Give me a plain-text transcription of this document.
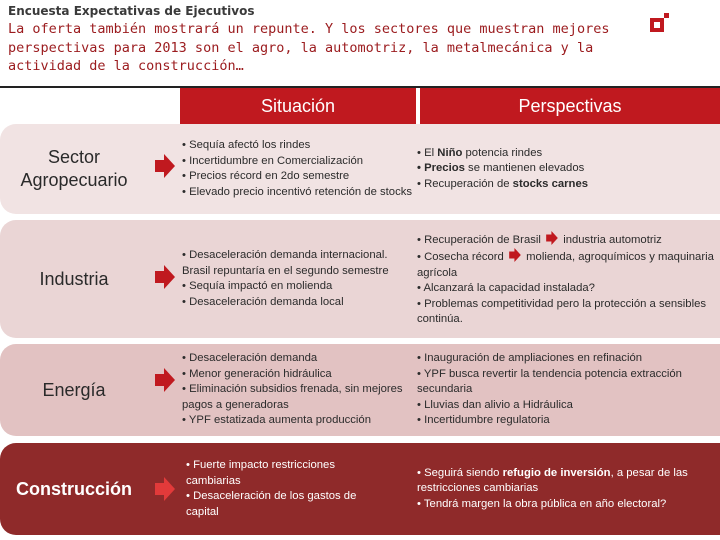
Encuesta Expectativas de Ejecutivos
La oferta también mostrará un repunte. Y los sectores que muestran mejores perspectivas para 2013 son el agro, la automotriz, la metalmecánica y la actividad de la construcción…
Situación	Perspectivas
Sector Agropecuario
• Sequía afectó los rindes
• Incertidumbre en Comercialización
• Precios récord en 2do semestre
• Elevado precio incentivó retención de stocks
• El Niño potencia rindes
• Precios se mantienen elevados
• Recuperación de stocks carnes
Industria
• Desaceleración demanda internacional. Brasil repuntaría en el segundo semestre
• Sequía impactó en molienda
• Desaceleración demanda local
• Recuperación de Brasil industria automotriz
• Cosecha récord molienda, agroquímicos y maquinaria agrícola
• Alcanzará la capacidad instalada?
• Problemas competitividad pero la protección a sensibles continúa.
Energía
• Desaceleración demanda
• Menor generación hidráulica
• Eliminación subsidios frenada, sin mejores pagos a generadoras
• YPF estatizada aumenta producción
• Inauguración de ampliaciones en refinación
• YPF busca revertir la tendencia potencia extracción secundaria
• Lluvias dan alivio a Hidráulica
• Incertidumbre regulatoria
Construcción
• Fuerte impacto restricciones cambiarias
• Desaceleración de los gastos de capital
• Seguirá siendo refugio de inversión, a pesar de las restricciones cambiarias
• Tendrá margen la obra pública en año electoral?
